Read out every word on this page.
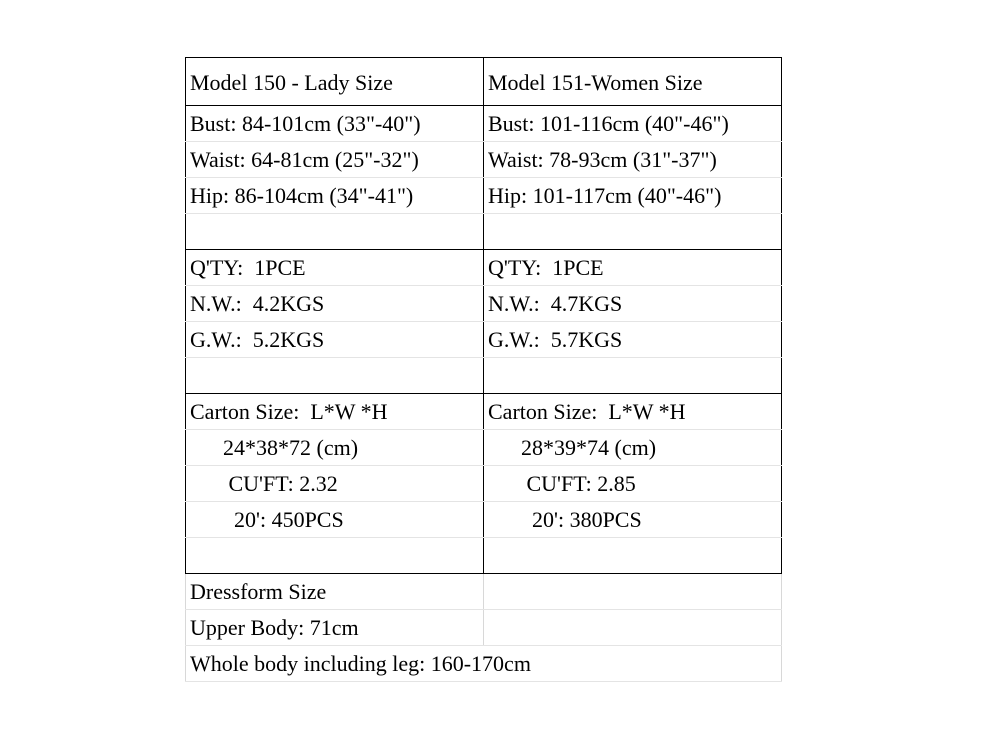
Model 150 - Lady Size	Model 151-Women Size
Bust: 84-101cm (33"-40")	Bust: 101-116cm (40"-46")
Waist: 64-81cm (25"-32")	Waist: 78-93cm (31"-37")
Hip: 86-104cm (34"-41")	Hip: 101-117cm (40"-46")

Q'TY:  1PCE	Q'TY:  1PCE
N.W.:  4.2KGS	N.W.:  4.7KGS
G.W.:  5.2KGS	G.W.:  5.7KGS

Carton Size:  L*W *H	Carton Size:  L*W *H
24*38*72 (cm)	28*39*74 (cm)
CU'FT: 2.32	CU'FT: 2.85
20': 450PCS	20': 380PCS

Dressform Size	
Upper Body: 71cm	
Whole body including leg: 160-170cm	
